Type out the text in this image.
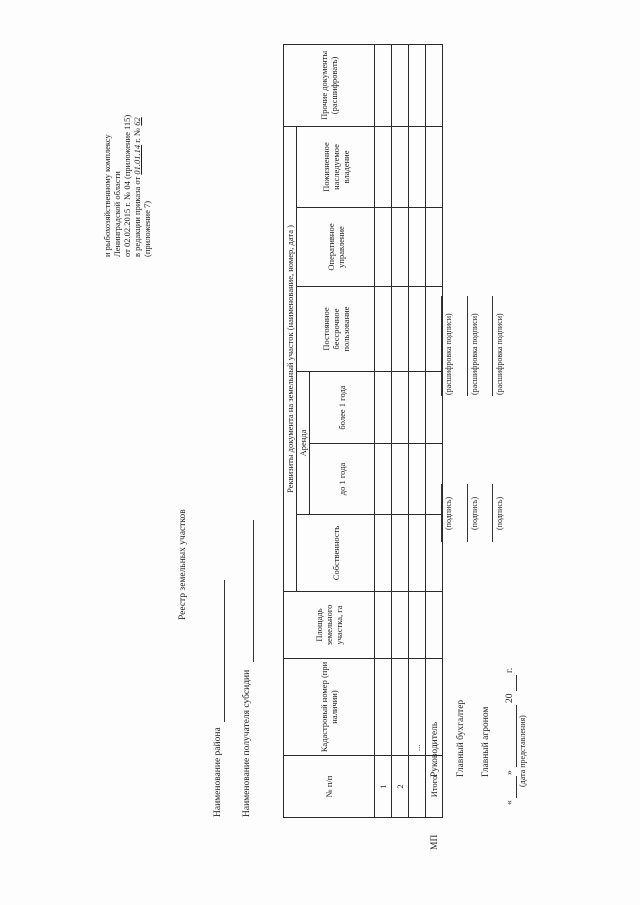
и рыбохозяйственному комплексу Ленинградской области от 02.02.2015 г. № 04 (приложение 115) в редакции приказа от 01.01.14 г. № 62
(приложение 7)
Реестр земельных участков
Наименование района Наименование получателя субсидии	№ п/п	Кадастровый номер (при наличии)	Площадь земельного участка, га	Реквизиты документа на земельный участок (наименование, номер, дата )						Прочие документы (расшифровать)
			Собственность	Аренда		Постоянное бессрочное пользование	Оперативное управление	Пожизненное наследуемое владение	
				до 1 года	более 1 года				

1									
2									
	...								
Итого									
МП
Руководитель
(подпись)
(расшифровка подписи)
Главный бухгалтер
(подпись)
(расшифровка подписи)
Главный агроном
(подпись)
(расшифровка подписи)
«
»
20
г.
(дата представления)
